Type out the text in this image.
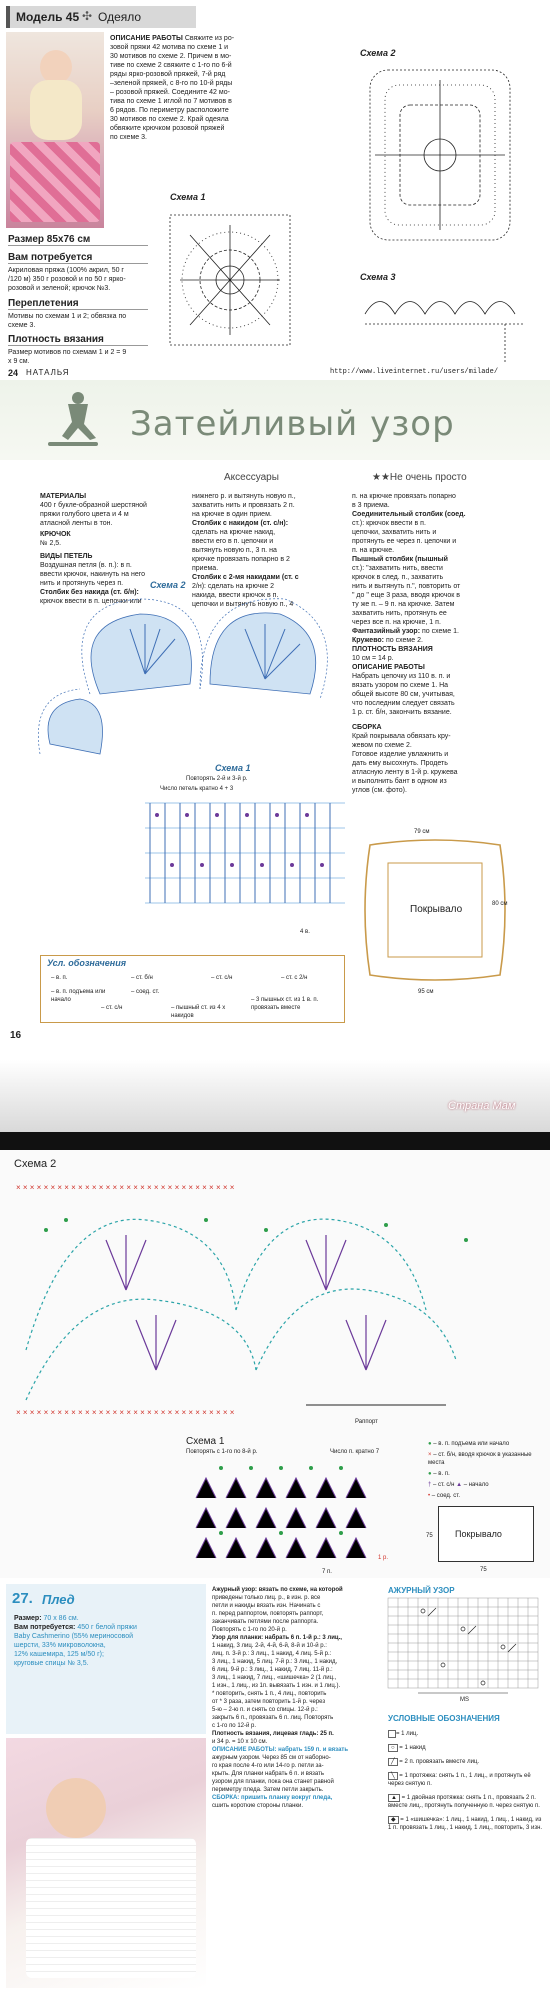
Модель 45 ✣ Одеяло
ОПИСАНИЕ РАБОТЫ Свяжите из ро-
зовой пряжи 42 мотива по схеме 1 и
30 мотивов по схеме 2. Причем в мо-
тиве по схеме 2 свяжите с 1-го по 6-й
ряды ярко-розовой пряжей, 7-й ряд
–зеленой пряжей, с 8-го по 10-й ряды
– розовой пряжей. Соедините 42 мо-
тива по схеме 1 иглой по 7 мотивов в
6 рядов. По периметру расположите
30 мотивов по схеме 2. Край одеяла
обвяжите крючком розовой пряжей
по схеме 3.
Размер 85х76 см
Вам потребуется
Акриловая пряжа (100% акрил, 50 г
/120 м) 350 г розовой и по 50 г ярко-
розовой и зеленой; крючок №3.
Переплетения
Мотивы по схемам 1 и 2; обвязка по
схеме 3.
Плотность вязания
Размер мотивов по схемам 1 и 2 = 9
х 9 см.
Схема 1
Схема 2
Схема 3
24 НАТАЛЬЯ	http://www.liveinternet.ru/users/milade/
Затейливый узор
Аксессуары	★★Не очень просто
МАТЕРИАЛЫ
400 г букле-образной шерстяной
пряжи голубого цвета и 4 м
атласной ленты в тон.
КРЮЧОК
№ 2,5.
ВИДЫ ПЕТЕЛЬ
Воздушная петля (в. п.): в п.
ввести крючок, накинуть на него
нить и протянуть через п.
Столбик без накида (ст. б/н):
крючок ввести в п. цепочки или
нижнего р. и вытянуть новую п.,
захватить нить и провязать 2 п.
на крючке в один прием.
Столбик с накидом (ст. с/н):
сделать на крючке накид,
ввести его в п. цепочки и
вытянуть новую п., 3 п. на
крючке провязать попарно в 2
приема.
Столбик с 2-мя накидами (ст. с
2/н): сделать на крючке 2
накида, ввести крючок в п.
цепочки и вытянуть новую п., 4
п. на крючке провязать попарно
в 3 приема.
Соединительный столбик (соед.
ст.): крючок ввести в п.
цепочки, захватить нить и
протянуть ее через п. цепочки и
п. на крючке.
Пышный столбик (пышный
ст.): "захватить нить, ввести
крючок в след. п., захватить
нить и вытянуть п.", повторить от
" до " еще 3 раза, вводя крючок в
ту же п. – 9 п. на крючке. Затем
захватить нить, протянуть ее
через все п. на крючке, 1 п.
Фантазийный узор: по схеме 1.
Кружево: по схеме 2.
ПЛОТНОСТЬ ВЯЗАНИЯ
10 см = 14 р.
ОПИСАНИЕ РАБОТЫ
Набрать цепочку из 110 в. п. и
вязать узором по схеме 1. На
общей высоте 80 см, учитывая,
что последним следует связать
1 р. ст. б/н, закончить вязание.
СБОРКА
Край покрывала обвязать кру-
жевом по схеме 2.
Готовое изделие увлажнить и
дать ему высохнуть. Продеть
атласную ленту в 1-й р. кружева
и выполнить бант в одном из
углов (см. фото).
Схема 2
Схема 1
Повторять 2-й и 3-й р.
Число петель кратно 4 + 3
4 в.
79 см
80 см
95 см
Покрывало
Усл. обозначения
– в. п.	– ст. б/н	– ст. с/н	– ст. с 2/н
– в. п. подъема или начало
– соед. ст.
– ст. с/н	– пышный ст. из 4 х накидов
– 3 пышных ст. из 1 в. п. провязать вместе
16
Страна Мам
Схема 2
× × × × × × × × × × × × × × × × × × × × × × × × × × × × × × × ×
× × × × × × × × × × × × × × × × × × × × × × × × × × × × × × × ×
Раппорт
Схема 1
Повторять с 1-го по 8-й р.	Число п. кратно 7
7 п.
1 р.
● – в. п. подъема или начало
× – ст. б/н, вводя крючок в указанные места
● – в. п.
† – ст. с/н ▲ – начало
• – соед. ст.
Покрывало
75
75
27. Плед
Размер: 70 х 86 см.
Вам потребуется: 450 г белой пряжи
Baby Cashmerino (55% мериносовой
шерсти, 33% микроволокна,
12% кашемира, 125 м/50 г);
круговые спицы № 3,5.
Ажурный узор: вязать по схеме, на которой
приведены только лиц. р., в изн. р. все
петли и накиды вязать изн. Начинать с
п. перед раппортом, повторять раппорт,
заканчивать петлями после раппорта.
Повторять с 1-го по 20-й р.
Узор для планки: набрать 6 п. 1-й р.: 3 лиц.,
1 накид, 3 лиц. 2-й, 4-й, 6-й, 8-й и 10-й р.:
лиц. п. 3-й р.: 3 лиц., 1 накид, 4 лиц. 5-й р.:
3 лиц., 1 накид, 5 лиц. 7-й р.: 3 лиц., 1 накид,
6 лиц. 9-й р.: 3 лиц., 1 накид, 7 лиц. 11-й р.:
3 лиц., 1 накид, 7 лиц., «шишечка» 2 (1 лиц.,
1 изн., 1 лиц., из 1п. вывязать 1 изн. и 1 лиц.).
* повторить, снять 1 п., 4 лиц., повторить
от * 3 раза, затем повторить 1-й р. через
5-ю – 2-ю п. и снять со спицы. 12-й р.:
закрыть 6 п., провязать 6 п. лиц. Повторять
с 1-го по 12-й р.
Плотность вязания, лицевая гладь: 25 п.
и 34 р. = 10 х 10 см.
ОПИСАНИЕ РАБОТЫ: набрать 159 п. и вязать
ажурным узором. Через 85 см от наборно-
го края после 4-го или 14-го р. петли за-
крыть. Для планки набрать 6 п. и вязать
узором для планки, пока она станет равной
периметру пледа. Затем петли закрыть.
СБОРКА: пришить планку вокруг пледа,
сшить короткие стороны планки.
АЖУРНЫЙ УЗОР
MS
УСЛОВНЫЕ ОБОЗНАЧЕНИЯ
= 1 лиц.
○ = 1 накид
╱ = 2 п. провязать вместе лиц.
╲ = 1 протяжка: снять 1 п., 1 лиц., и протянуть её через снятую п.
▲ = 1 двойная протяжка: снять 1 п., провязать 2 п. вместе лиц., протянуть полученную п. через снятую п.
◆ = 1 «шишечка»: 1 лиц., 1 накид, 1 лиц., 1 накид, из 1 п. провязать 1 лиц., 1 накид, 1 лиц., повторить, 3 изн.
